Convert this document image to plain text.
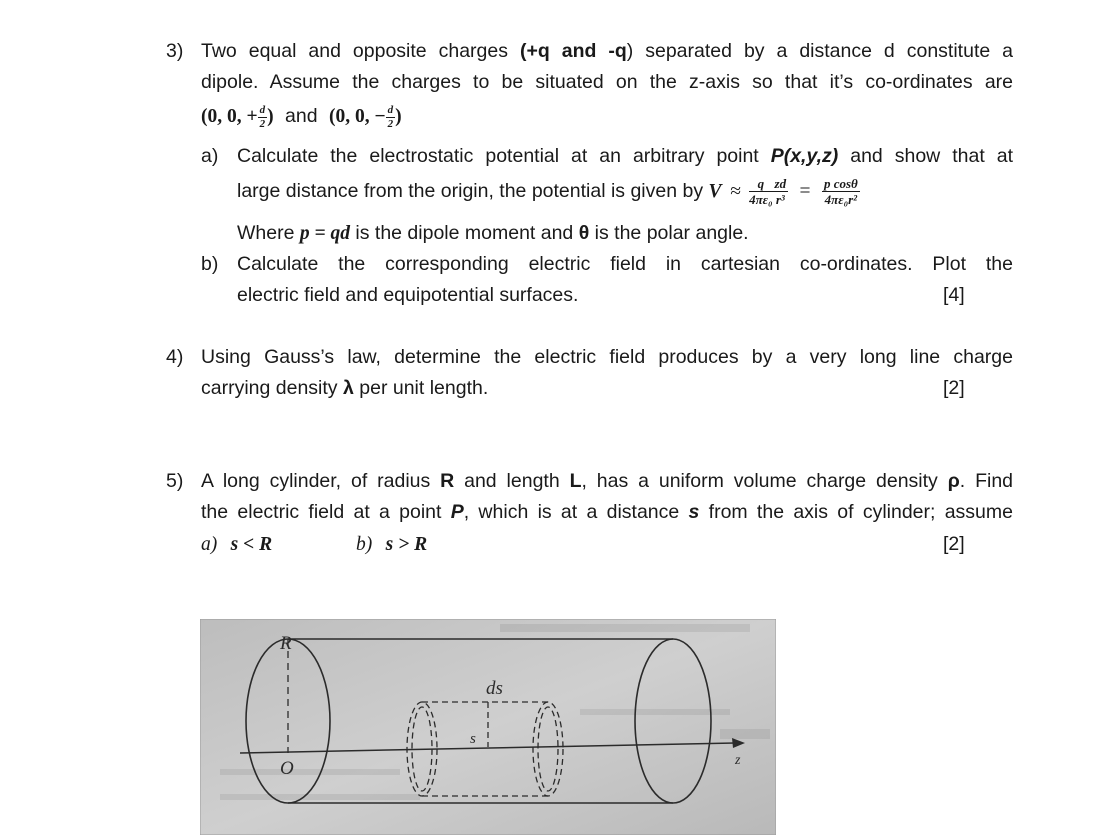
3) Two equal and opposite charges (+q and -q) separated by a distance d constitute a
dipole. Assume the charges to be situated on the z-axis so that it’s co-ordinates are
(0, 0, + $\frac{d}{2}$ ) and (0, 0, − $\frac{d}{2}$ )
a) Calculate the electrostatic potential at an arbitrary point P(x,y,z) and show that at
large distance from the origin, the potential is given by $V \approx \frac{q}{\text{4πε₀}} \frac{zd}{\text{r³}} = \frac{\text{p cosθ}}{\text{4πε₀r²}}$
Where p = qd is the dipole moment and θ is the polar angle.
b) Calculate the corresponding electric field in cartesian co-ordinates. Plot the
electric field and equipotential surfaces.	[4]
4) Using Gauss’s law, determine the electric field produces by a very long line charge
carrying density λ per unit length.	[2]
5) A long cylinder, of radius R and length L, has a uniform volume charge density ρ. Find
the electric field at a point P, which is at a distance s from the axis of cylinder; assume
a) s < R	b) s > R	[2]
R
ds
s
O	z
